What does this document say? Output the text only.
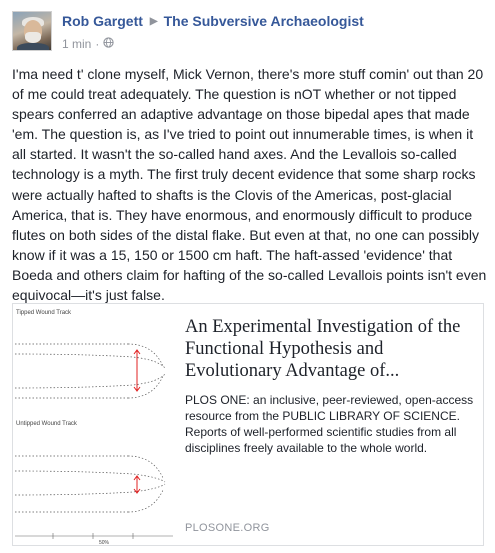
Rob Gargett ▶ The Subversive Archaeologist
1 min ·
I'ma need t' clone myself, Mick Vernon, there's more stuff comin' out than 20 of me could treat adequately. The question is nOT whether or not tipped spears conferred an adaptive advantage on those bipedal apes that made 'em. The question is, as I've tried to point out innumerable times, is when it all started. It wasn't the so-called hand axes. And the Levallois so-called technology is a myth. The first truly decent evidence that some sharp rocks were actually hafted to shafts is the Clovis of the Americas, post-glacial America, that is. They have enormous, and enormously difficult to produce flutes on both sides of the distal flake. But even at that, no one can possibly know if it was a 15, 150 or 1500 cm haft. The haft-assed 'evidence' that Boeda and others claim for hafting of the so-called Levallois points isn't even equivocal—it's just false.
Tipped Wound Track
Untipped Wound Track
50%
An Experimental Investigation of the Functional Hypothesis and Evolutionary Advantage of...
PLOS ONE: an inclusive, peer-reviewed, open-access resource from the PUBLIC LIBRARY OF SCIENCE. Reports of well-performed scientific studies from all disciplines freely available to the whole world.
PLOSONE.ORG
